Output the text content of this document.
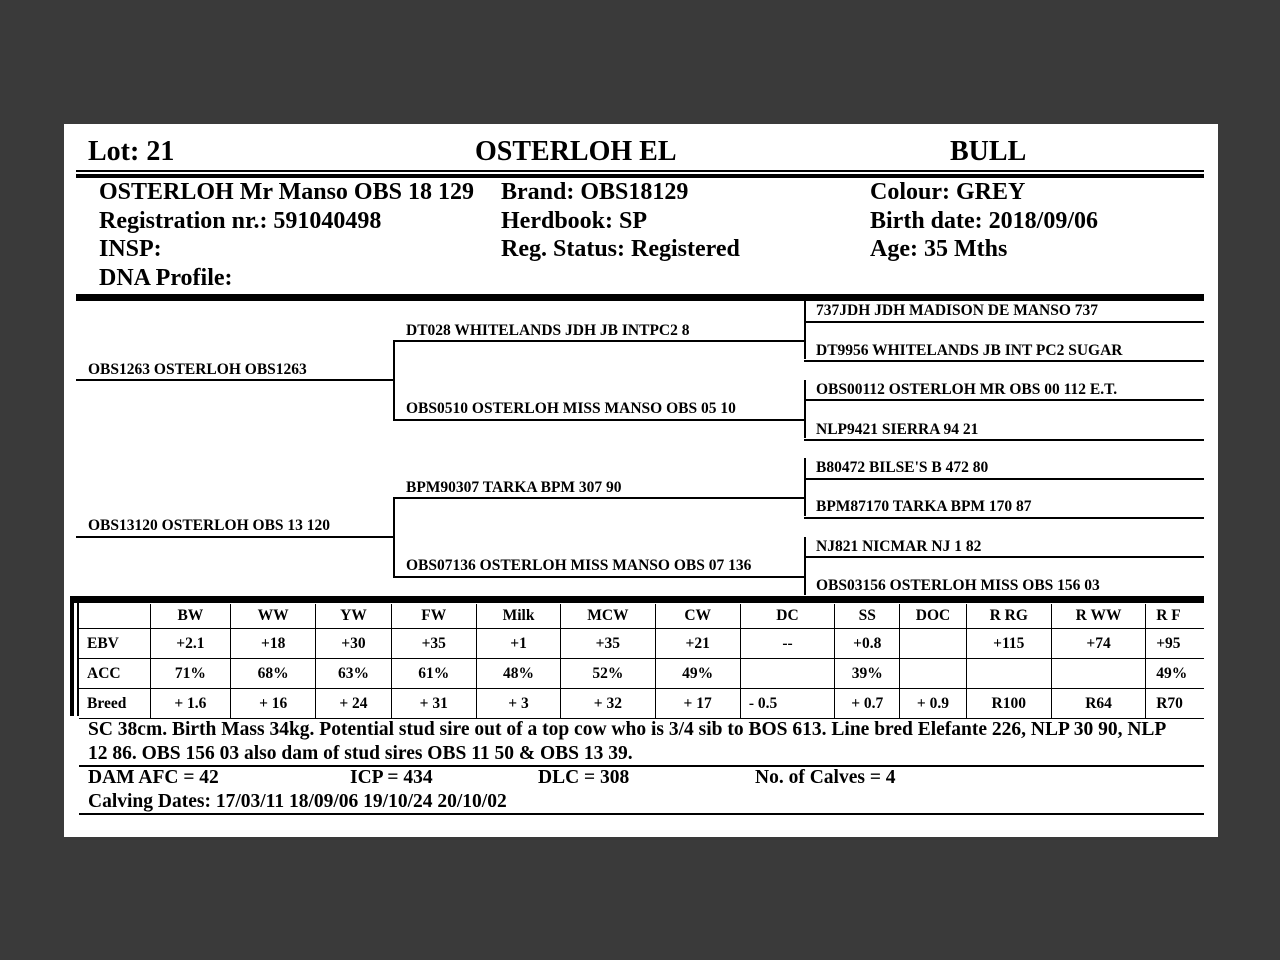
Lot: 21	OSTERLOH EL	BULL
OSTERLOH Mr Manso OBS 18 129
Registration nr.: 591040498
INSP:
DNA Profile:
Brand: OBS18129
Herdbook: SP
Reg. Status: Registered
Colour: GREY
Birth date: 2018/09/06
Age: 35 Mths
OBS1263 OSTERLOH OBS1263
OBS13120 OSTERLOH OBS 13 120
DT028 WHITELANDS JDH JB INTPC2 8
OBS0510 OSTERLOH MISS MANSO OBS 05 10
BPM90307 TARKA BPM 307 90
OBS07136 OSTERLOH MISS MANSO OBS 07 136
737JDH JDH MADISON DE MANSO 737
DT9956 WHITELANDS JB INT PC2 SUGAR
OBS00112 OSTERLOH MR OBS 00 112 E.T.
NLP9421 SIERRA 94 21
B80472 BILSE'S B 472 80
BPM87170 TARKA BPM 170 87
NJ821 NICMAR NJ 1 82
OBS03156 OSTERLOH MISS OBS 156 03
	BW	WW	YW	FW	Milk	MCW	CW	DC	SS	DOC	R RG	R WW	R F
EBV	+2.1	+18	+30	+35	+1	+35	+21	--	+0.8		+115	+74	+95
ACC	71%	68%	63%	61%	48%	52%	49%		39%				49%
Breed	+ 1.6	+ 16	+ 24	+ 31	+ 3	+ 32	+ 17	- 0.5	+ 0.7	+ 0.9	R100	R64	R70
SC 38cm. Birth Mass 34kg. Potential stud sire out of a top cow who is 3/4 sib to BOS 613. Line bred Elefante 226, NLP 30 90, NLP 12 86. OBS 156 03 also dam of stud sires OBS 11 50 & OBS 13 39.
DAM AFC = 42	ICP = 434	DLC = 308	No. of Calves = 4
Calving Dates: 17/03/11 18/09/06 19/10/24 20/10/02
